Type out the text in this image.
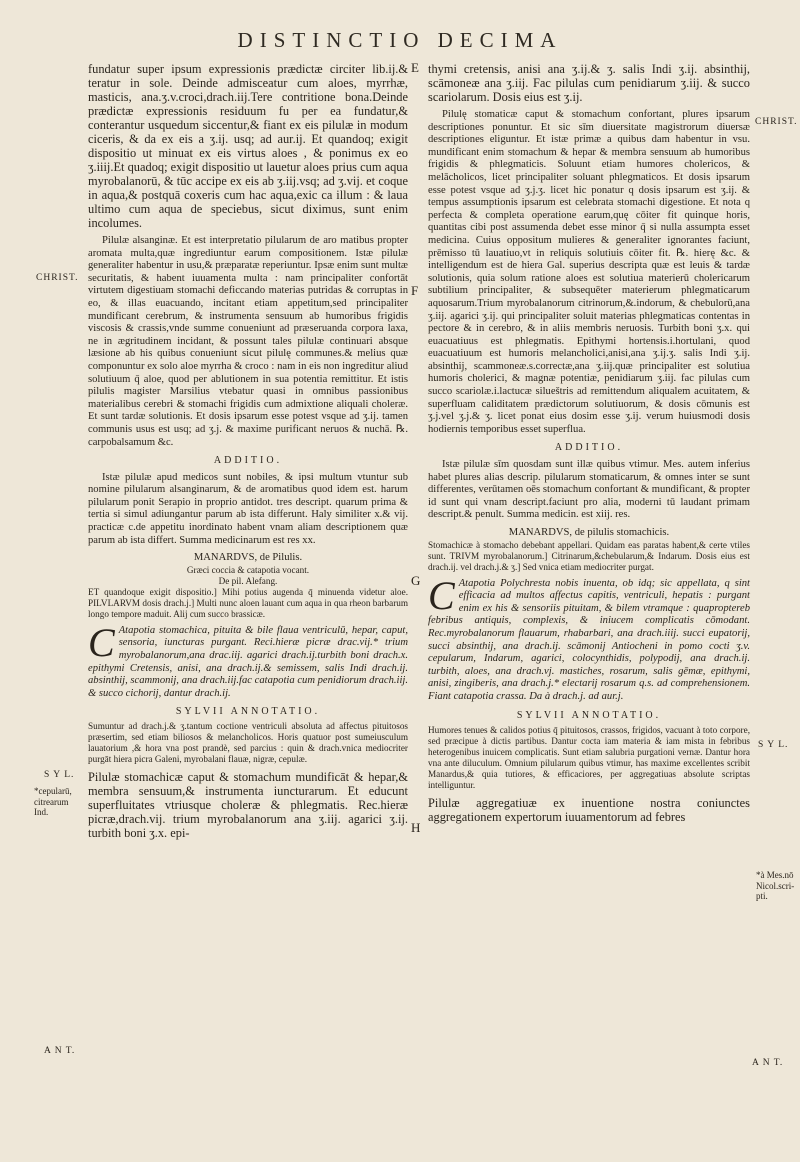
DISTINCTIO DECIMA
E
F
G
H
CHRIST.
S Y L.
*cepularū, citrearum Ind.
A N T.
CHRIST.
S Y L.
*à Mes.nō Nicol.scri- pti.
A N T.

fundatur super ipsum expressionis prædictæ circiter lib.ij.& teratur in sole. Deinde admisceatur cum aloes, myrrhæ, masticis, ana.ʒ.v.croci,drach.iij.Tere contritione bona.Deinde prædictæ expressionis residuum fu per ea fundatur,& conterantur usquedum siccentur,& fiant ex eis pilulæ in modum ciceris, & da ex eis a ʒ.ij. usq; ad aur.ij. Et quandoq; exigit dispositio ut minuat ex eis virtus aloes , & ponimus ex eo ʒ.iiij.Et quadoq; exigit dispositio ut lauetur aloes prius cum aqua myrobalanorū, & tūc accipe ex eis ab ʒ.iij.vsq; ad ʒ.vij. et coque in aqua,& postquā coxeris cum hac aqua,exic ca illum : & laua ultimo cum aqua de speciebus, sicut diximus, sunt enim incolumes.

Pilulæ alsanginæ. Et est interpretatio pilularum de aro matibus propter aromata multa,quæ ingrediuntur earum compositionem. Istæ pilulæ generaliter habentur in usu,& præparatæ reperiuntur. Ipsæ enim sunt multæ securitatis, & habent iuuamenta multa : nam principaliter confortāt virtutem digestiuam stomachi deficcando materias putridas & corruptas in eo, & illas euacuando, incitant etiam appetitum,sed principaliter mundificant cerebrum, & instrumenta sensuum ab humoribus frigidis viscosis & crassis,vnde summe conueniunt ad præseruanda corpora laxa, ne in ægritudinem incidant, & possunt tales pilulæ continuari absque læsione ab his quibus conueniunt sicut pilulę communes.& melius quæ componuntur ex solo aloe myrrha & croco : nam in eis non ingreditur aliud solutiuum q̄ aloe, quod per ablutionem in sua potentia remittitur. Et istis pilulis magister Marsilius vtebatur quasi in omnibus passionibus materialibus cerebri & stomachi frigidis cum admixtione aliquali choleræ. Et sunt tardæ solutionis. Et dosis ipsarum esse potest vsque ad ʒ.ij. tamen communis usus est usq; ad ʒ.j. & maxime purificant neruos & nuchā. ℞. carpobalsamum &c.

ADDITIO.

Istæ pilulæ apud medicos sunt nobiles, & ipsi multum vtuntur sub nomine pilularum alsanginarum, & de aromatibus quod idem est. harum pilularum ponit Serapio in proprio antidot. tres descript. quarum prima & tertia si simul adiungantur parum ab ista differunt. Haly similiter x.& vij. practicæ c.de appetitu inordinato habent vnam aliam descriptionem quæ parum ab ista differt. Summa medicinarum est res xx.

MANARDVS, de Pilulis.
Græci coccia & catapotia vocant.
De pil. Alefang.

ET quandoque exigit dispositio.] Mihi potius augenda q̄ minuenda videtur aloe. PILVLARVM dosis drach.j.] Multi nunc aloen lauant cum aqua in qua rheon barbarum longo tempore maduit. Alij cum succo brassicæ.

C Atapotia stomachica, pituita & bile flaua ventriculū, hepar, caput, sensoria, iuncturas purgant. Reci.hieræ picræ drac.vij.* trium myrobalanorum,ana drac.iij. agarici drach.ij.turbith boni drach.x. epithymi Cretensis, anisi, ana drach.ij.& semissem, salis Indi drach.ij. absinthij, scammonij, ana drach.iij.fac catapotia cum penidiorum drach.iij. & succo cichorij, dantur drach.ij.

SYLVII ANNOTATIO.

Sumuntur ad drach.j.& ʒ.tantum coctione ventriculi absoluta ad affectus pituitosos præsertim, sed etiam biliosos & melancholicos. Horis quatuor post sumeiusculum lauatorium ,& hora vna post prandè, sed parcius : quin & drach.vnica mediocriter purgāt hiera picra Galeni, myrobalani flauæ, nigræ, cepulæ.

Pilulæ stomachicæ caput & stomachum mundificāt & hepar,& membra sensuum,& instrumenta iuncturarum. Et educunt superfluitates vtriusque choleræ & phlegmatis. Rec.hieræ picræ,drach.vij. trium myrobalanorum ana ʒ.iij. agarici ʒ.ij. turbith boni ʒ.x. epi-

thymi cretensis, anisi ana ʒ.ij.& ʒ. salis Indi ʒ.ij. absinthij, scāmoneæ ana ʒ.iij. Fac pilulas cum penidiarum ʒ.iij. & succo scariolarum. Dosis eius est ʒ.ij.

Pilulę stomaticæ caput & stomachum confortant, plures ipsarum descriptiones ponuntur. Et sic sīm diuersitate magistrorum diuersæ descriptiones eliguntur. Et istæ primæ a quibus dam habentur in vsu. mundificant enim stomachum & hepar & membra sensuum ab humoribus frigidis & phlegmaticis. Soluunt etiam humores cholericos, & melācholicos, licet principaliter soluant phlegmaticos. Et dosis ipsarum esse potest vsque ad ʒ.j.ʒ. licet hic ponatur q dosis ipsarum est ʒ.ij. & tempus assumptionis ipsarum est celebrata stomachi digestione. Et nota q perfecta & completa operatione earum,quę cōiter fit quinque horis, quantitas cibi post assumenda debet esse minor q̄ si nulla assumpta esset medicina. Cuius oppositum mulieres & generaliter ignorantes faciunt, prēmisso tū lauatiuo,vt in reliquis solutiuis cōiter fit. ℞. hierę &c. & intelligendum est de hiera Gal. superius descripta quæ est leuis & tardæ solutionis, quia solum ratione aloes est solutiua materierū cholericarum subtilium principaliter, & subsequēter materierum phlegmaticarum aquosarum.Trium myrobalanorum citrinorum,&.indorum, & chebulorū,ana ʒ.iij. agarici ʒ.ij. qui principaliter soluit materias phlegmaticas contentas in pectore & in cerebro, & in aliis membris neruosis. Turbith boni ʒ.x. qui euacuatiuus est phlegmatis. Epithymi hortensis.i.hortulani, quod euacuatiuum est humoris melancholici,anisi,ana ʒ.ij.ʒ. salis Indi ʒ.ij. absinthij, scammoneæ.s.correctæ,ana ʒ.iij.quæ principaliter est solutiua humoris cholerici, & magnæ potentiæ, penidiarum ʒ.iij. fac pilulas cum succo scariolæ.i.lactucæ silueštris ad remittendum aliqualem acuitatem, & superfluam caliditatem prædictorum solutiuorum, & dosis cōmunis est ʒ.j.vel ʒ.j.& ʒ. licet ponat eius dosim esse ʒ.ij. verum huiusmodi dosis hodiernis temporibus esset superflua.

ADDITIO.

Istæ pilulæ sīm quosdam sunt illæ quibus vtimur. Mes. autem inferius habet plures alias descrip. pilularum stomaticarum, & omnes inter se sunt differentes, verūtamen oēs stomachum confortant & mundificant, & propter id sunt qui vnam descript.faciunt pro alia, moderni tū laudant primam descript.& penult. Summa medicin. est xiij. res.

MANARDVS, de pilulis stomachicis.

Stomachicæ à stomacho debebant appellari. Quidam eas paratas habent,& certe vtiles sunt. TRIVM myrobalanorum.] Citrinarum,&chebularum,& Indarum. Dosis eius est drach.ij. vel drach.j.& ʒ.] Sed vnica etiam mediocriter purgat.

C Atapotia Polychresta nobis inuenta, ob idq; sic appellata, q sint efficacia ad multos affectus capitis, ventriculi, hepatis : purgant enim ex his & sensoriis pituitam, & bilem vtramque : quaproptereb febribus antiquis, complexis, & iniucem complicatis cōmodant. Rec.myrobalanorum flauarum, rhabarbari, ana drach.iiij. succi eupatorij, succi absinthij, ana drach.ij. scāmonij Antiocheni in pomo cocti ʒ.v. cepularum, Indarum, agarici, colocynthidis, polypodij, ana drach.ij. turbith, aloes, ana drach.vj. mastiches, rosarum, salis gēmæ, epithymi, anisi, zingiberis, ana drach.j.* electarij rosarum q.s. ad comprehensionem. Fiant catapotia crassa. Da à drach.j. ad aur.j.

SYLVII ANNOTATIO.

Humores tenues & calidos potius q̄ pituitosos, crassos, frigidos, vacuant à toto corpore, sed præcipue à dictis partibus. Dantur cocta iam materia & iam mista in febribus heterogenibus inuicem complicatis. Sunt etiam salubria purgationi vernæ. Dantur hora vna ante diluculum. Omnium pilularum quibus vtimur, has maxime excellentes scribit Manardus,& quia tutiores, & efficaciores, per aggregatiuas absolute scriptas intelliguntur.

Pilulæ aggregatiuæ ex inuentione nostra coniunctes aggregationem expertorum iuuamentorum ad febres
